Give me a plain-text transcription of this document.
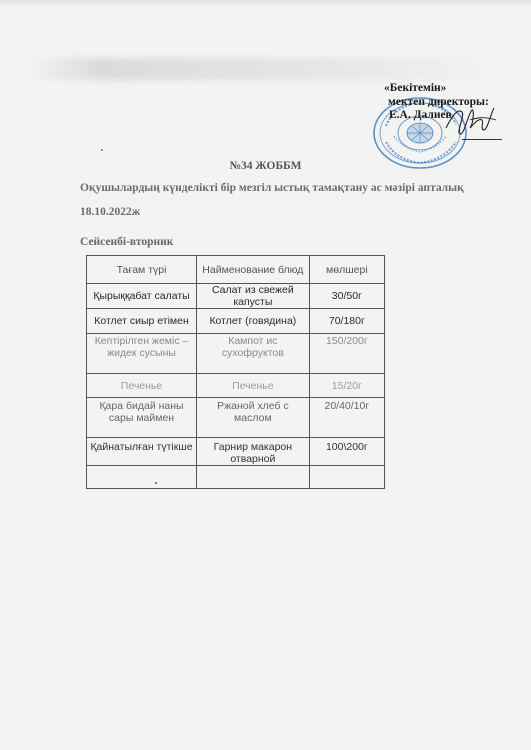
«Бекітемін»
мектеп директоры:
Е.А. Далиев
№34 ЖОББМ
Оқушылардың күнделікті бір мезгіл ыстық тамақтану ас мәзірі апталық
18.10.2022ж
Сейсенбі-вторник
Тағам түрі	Найменование блюд	мөлшері
Қырыққабат салаты	Салат из свежей капусты	30/50г
Котлет сиыр етімен	Котлет (говядина)	70/180г
Кептірілген жеміс – жидек сусыны	Кампот ис сухофруктов	150/200г
Печенье	Печенье	15/20г
Қара бидай наны сары маймен	Ржаной хлеб с маслом	20/40/10г
Қайнатылған түтікше	Гарнир макарон отварной	100\200г
